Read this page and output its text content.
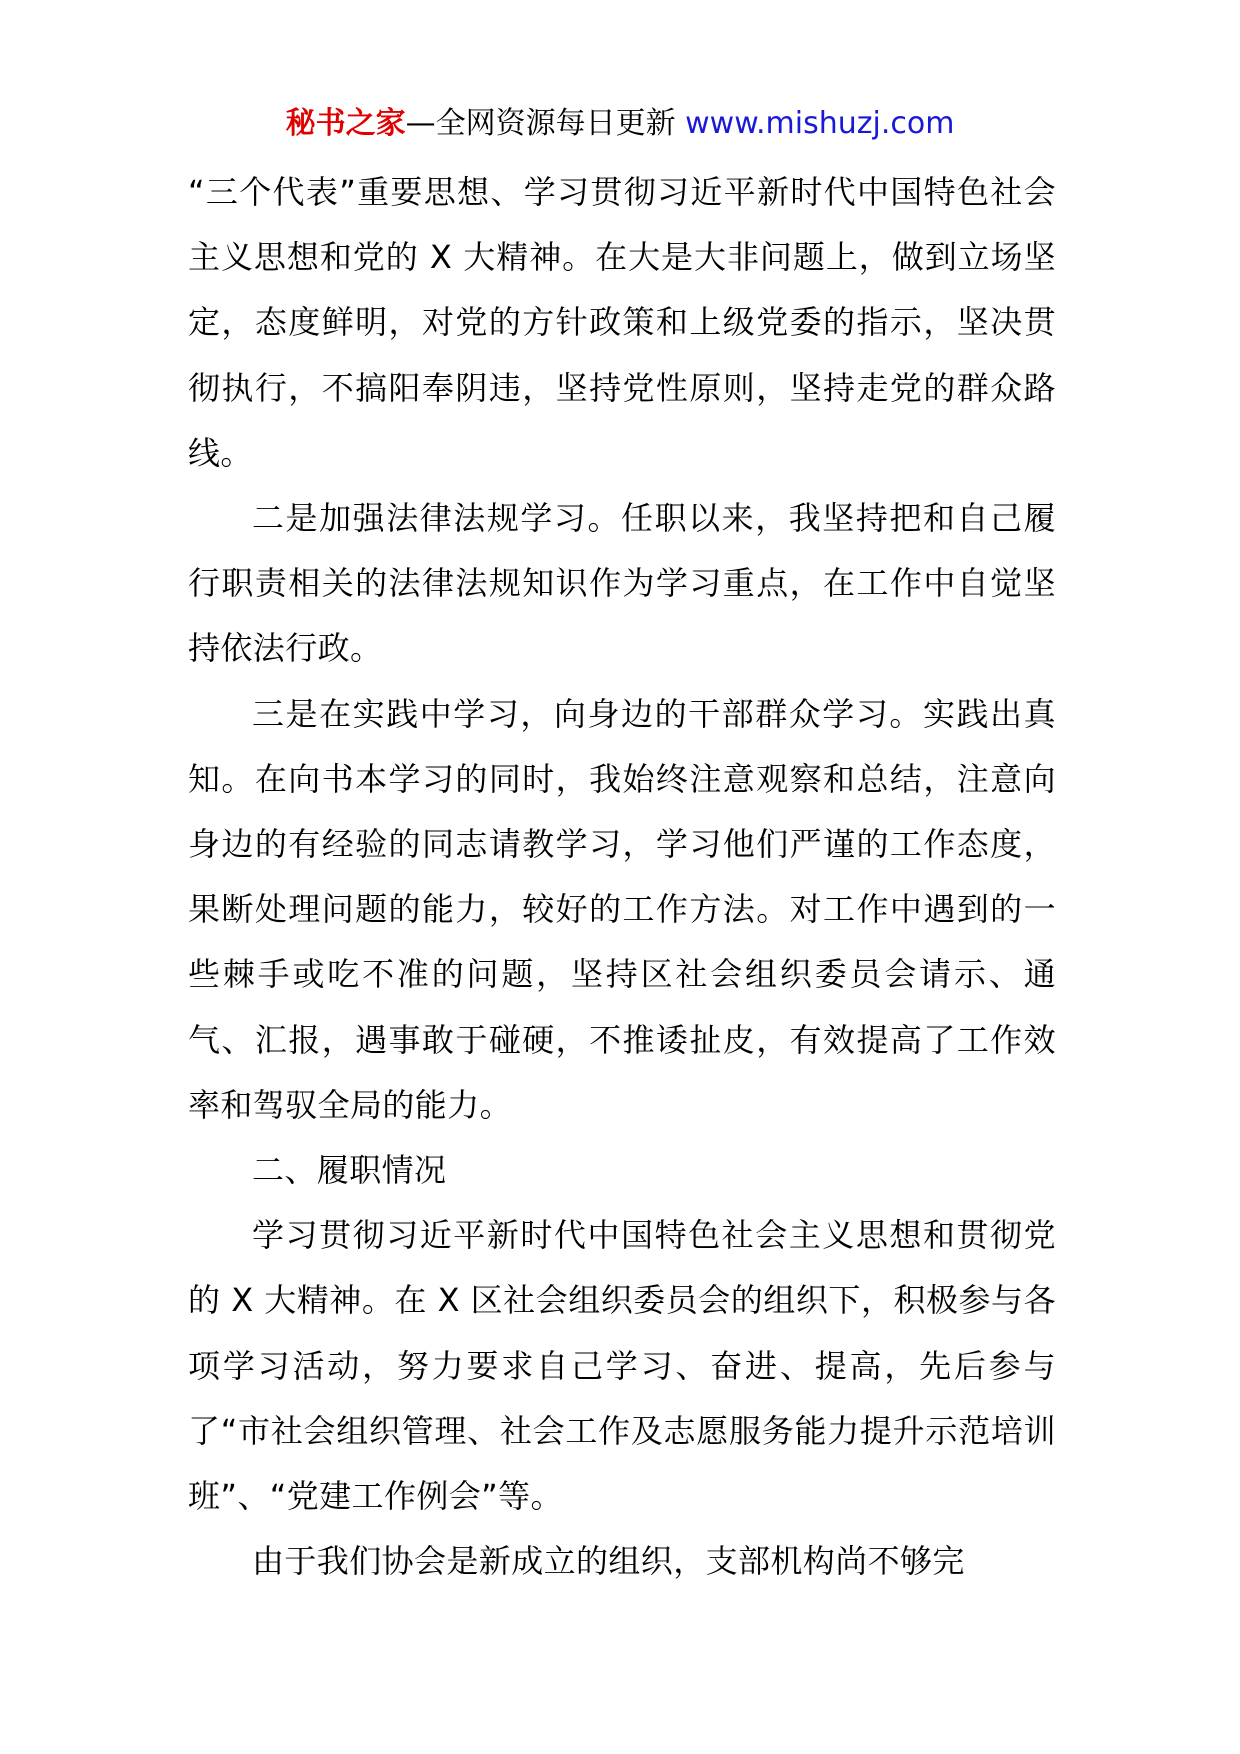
秘书之家—全网资源每日更新 www.mishuzj.com

“三个代表”重要思想、学习贯彻习近平新时代中国特色社会主义思想和党的 X 大精神。在大是大非问题上，做到立场坚定，态度鲜明，对党的方针政策和上级党委的指示，坚决贯彻执行，不搞阳奉阴违，坚持党性原则，坚持走党的群众路线。

二是加强法律法规学习。任职以来，我坚持把和自己履行职责相关的法律法规知识作为学习重点，在工作中自觉坚持依法行政。

三是在实践中学习，向身边的干部群众学习。实践出真知。在向书本学习的同时，我始终注意观察和总结，注意向身边的有经验的同志请教学习，学习他们严谨的工作态度，果断处理问题的能力，较好的工作方法。对工作中遇到的一些棘手或吃不准的问题，坚持区社会组织委员会请示、通气、汇报，遇事敢于碰硬，不推诿扯皮，有效提高了工作效率和驾驭全局的能力。

二、履职情况

学习贯彻习近平新时代中国特色社会主义思想和贯彻党的 X 大精神。在 X 区社会组织委员会的组织下，积极参与各项学习活动，努力要求自己学习、奋进、提高，先后参与了“市社会组织管理、社会工作及志愿服务能力提升示范培训班”、“党建工作例会”等。

由于我们协会是新成立的组织，支部机构尚不够完
